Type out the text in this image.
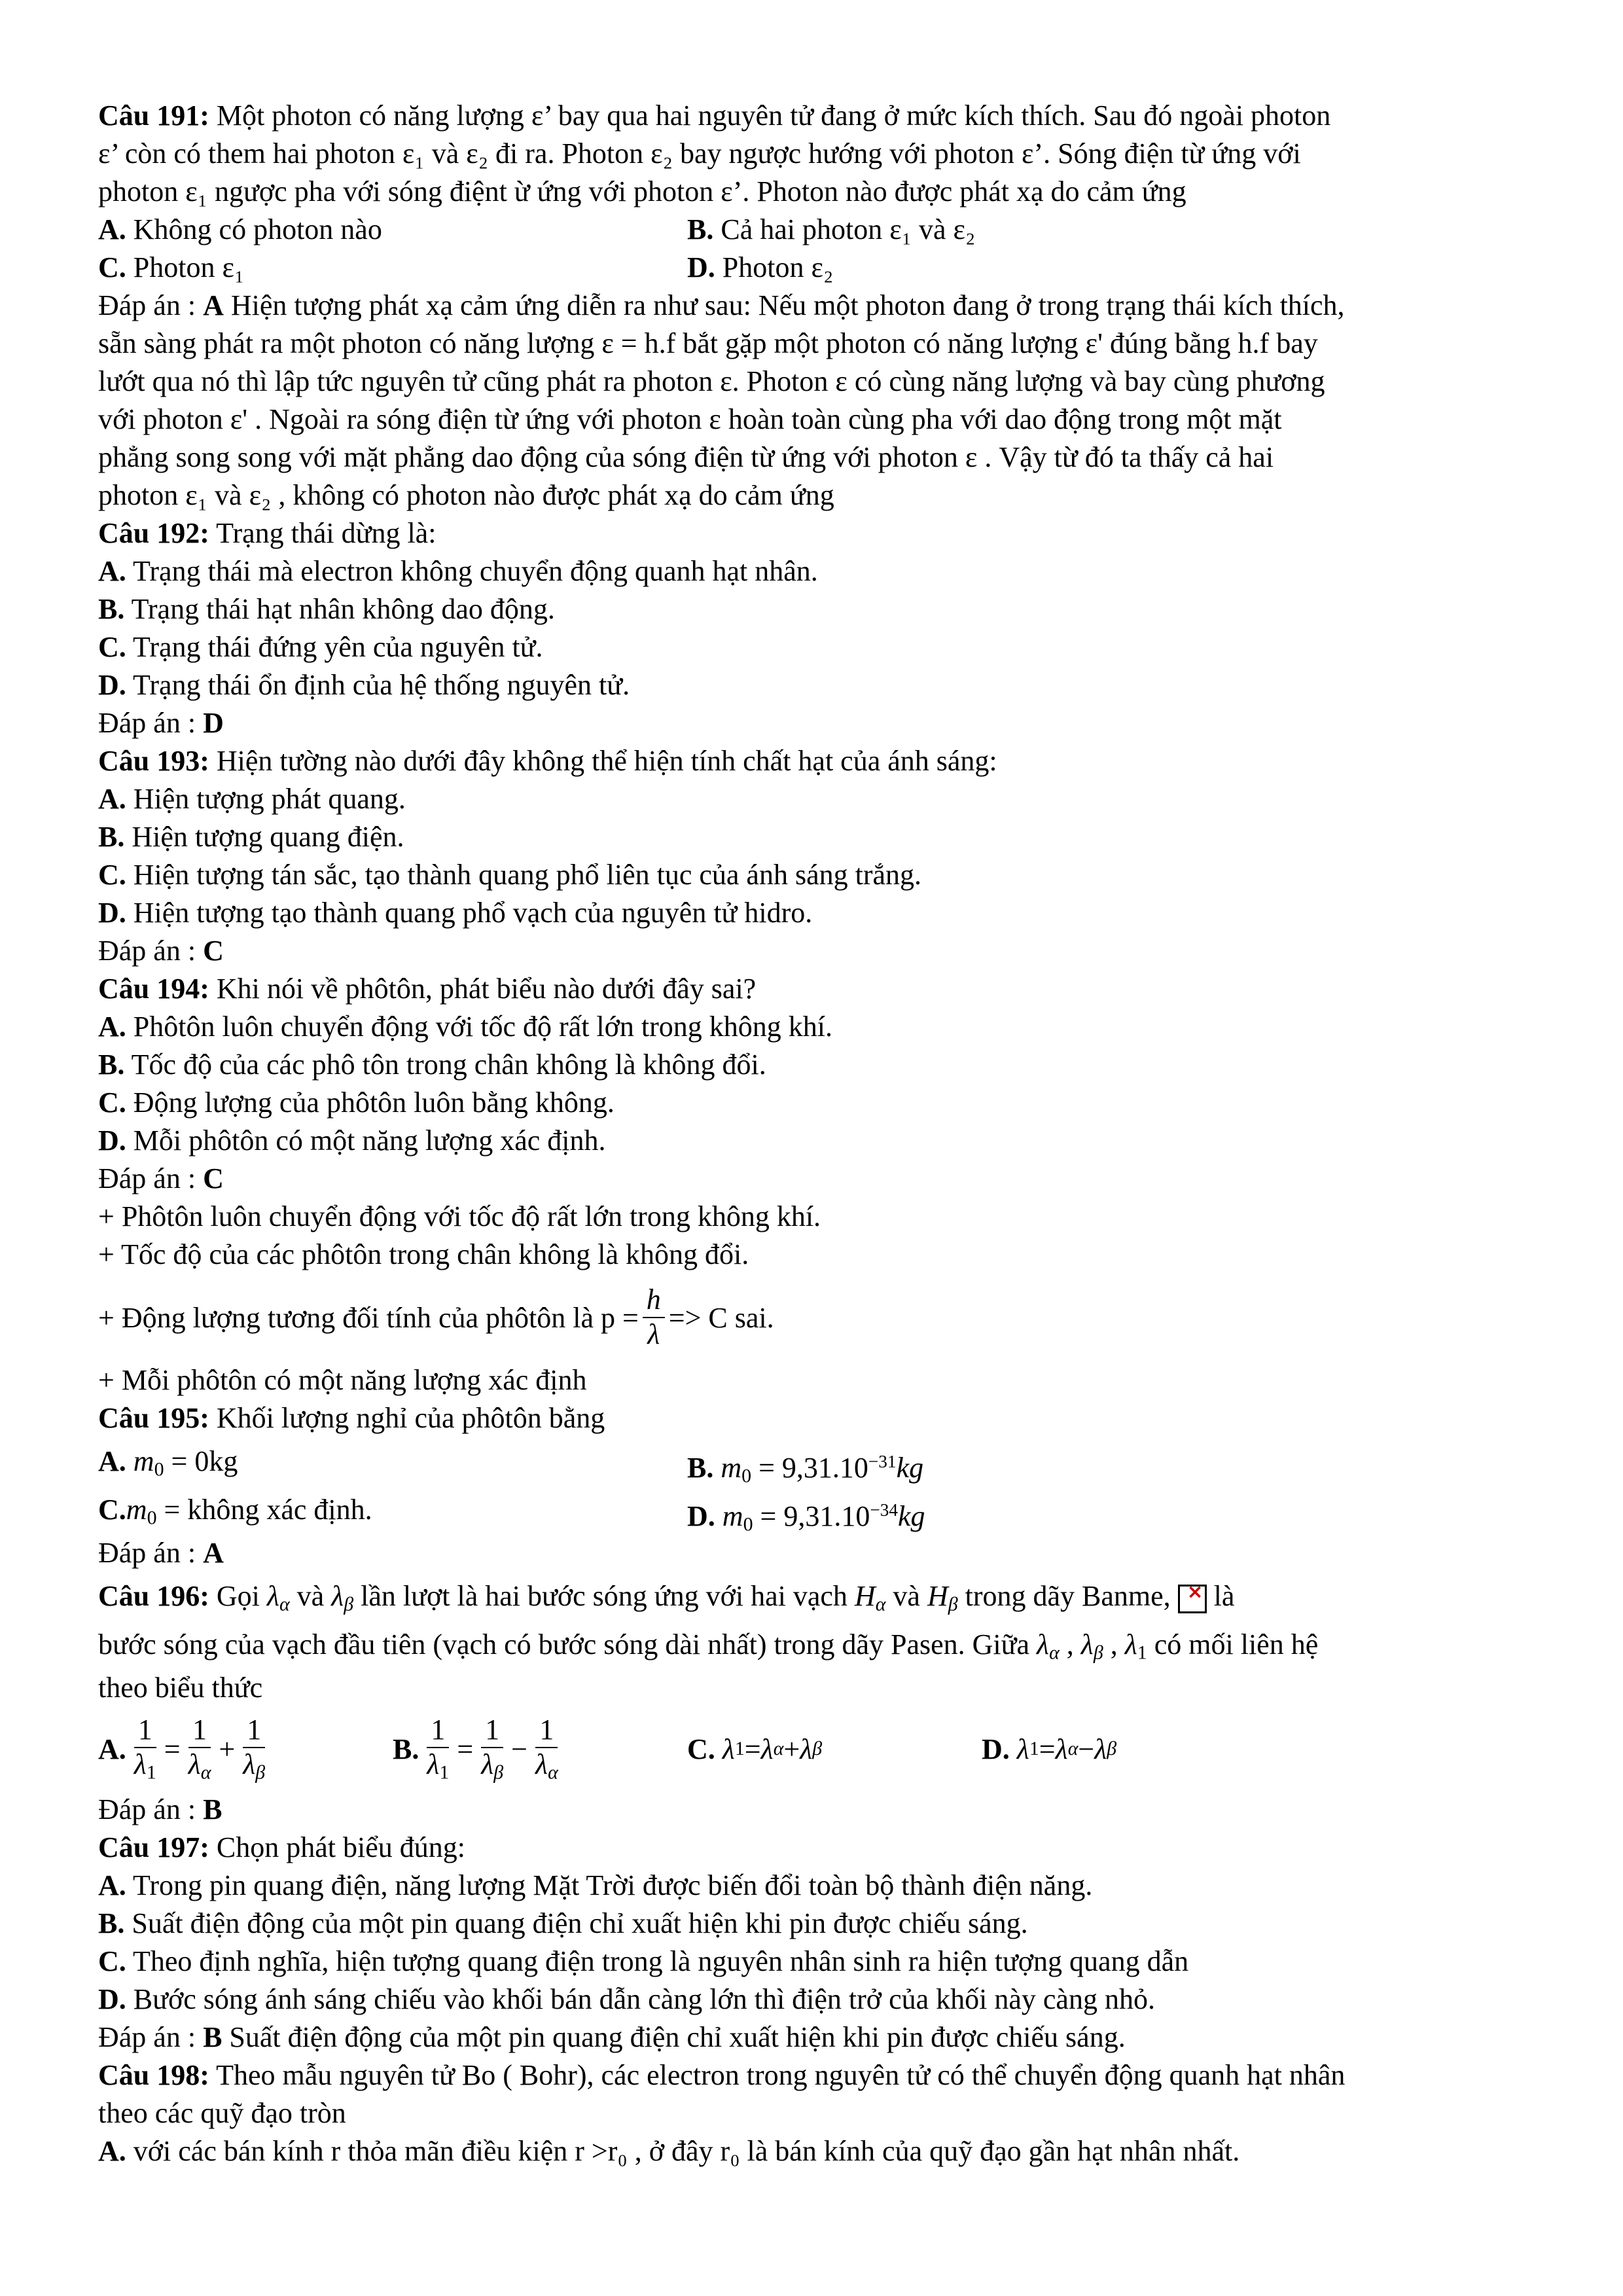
Câu 191: Một photon có năng lượng ε’ bay qua hai nguyên tử đang ở mức kích thích. Sau đó ngoài photon
ε’ còn có them hai photon ε₁ và ε₂ đi ra. Photon ε₂ bay ngược hướng với photon ε’. Sóng điện từ ứng với
photon ε₁ ngược pha với sóng điệnt ừ ứng với photon ε’. Photon nào được phát xạ do cảm ứng
A. Không có photon nào	B. Cả hai photon ε₁ và ε₂
C. Photon ε₁	D. Photon ε₂
Đáp án : A Hiện tượng phát xạ cảm ứng diễn ra như sau: Nếu một photon đang ở trong trạng thái kích thích,
sẵn sàng phát ra một photon có năng lượng ε = h.f bắt gặp một photon có năng lượng ε' đúng bằng h.f bay
lướt qua nó thì lập tức nguyên tử cũng phát ra photon ε. Photon ε có cùng năng lượng và bay cùng phương
với photon ε' . Ngoài ra sóng điện từ ứng với photon ε hoàn toàn cùng pha với dao động trong một mặt
phẳng song song với mặt phẳng dao động của sóng điện từ ứng với photon ε . Vậy từ đó ta thấy cả hai
photon ε₁ và ε₂ , không có photon nào được phát xạ do cảm ứng
Câu 192: Trạng thái dừng là:
A. Trạng thái mà electron không chuyển động quanh hạt nhân.
B. Trạng thái hạt nhân không dao động.
C. Trạng thái đứng yên của nguyên tử.
D. Trạng thái ổn định của hệ thống nguyên tử.
Đáp án : D
Câu 193: Hiện tường nào dưới đây không thể hiện tính chất hạt của ánh sáng:
A. Hiện tượng phát quang.
B. Hiện tượng quang điện.
C. Hiện tượng tán sắc, tạo thành quang phổ liên tục của ánh sáng trắng.
D. Hiện tượng tạo thành quang phổ vạch của nguyên tử hidro.
Đáp án : C
Câu 194: Khi nói về phôtôn, phát biểu nào dưới đây sai?
A. Phôtôn luôn chuyển động với tốc độ rất lớn trong không khí.
B. Tốc độ của các phô tôn trong chân không là không đổi.
C. Động lượng của phôtôn luôn bằng không.
D. Mỗi phôtôn có một năng lượng xác định.
Đáp án : C
+ Phôtôn luôn chuyển động với tốc độ rất lớn trong không khí.
+ Tốc độ của các phôtôn trong chân không là không đổi.
+ Động lượng tương đối tính của phôtôn là $p = \frac{h}{\lambda} => C$ sai.
+ Mỗi phôtôn có một năng lượng xác định
Câu 195: Khối lượng nghỉ của phôtôn bằng
A. $m_0 = 0kg$	B. $m_0 = 9,31.10^{-31}kg$
$C.m_0$ = không xác định.	D. $m_0 = 9,31.10^{-34}kg$
Đáp án : A
Câu 196: Gọi $\lambda_\alpha$ và $\lambda_\beta$ lần lượt là hai bước sóng ứng với hai vạch $H_\alpha$ và $H_\beta$ trong dãy Banme, × là
bước sóng của vạch đầu tiên (vạch có bước sóng dài nhất) trong dãy Pasen. Giữa $\lambda_\alpha$ , $\lambda_\beta$ , $\lambda_1$ có mối liên hệ
theo biểu thức
A. $\frac{1}{\lambda_1} = \frac{1}{\lambda_\alpha} + \frac{1}{\lambda_\beta}$	B. $\frac{1}{\lambda_1} = \frac{1}{\lambda_\beta} - \frac{1}{\lambda_\alpha}$	C.
λ 1 = λ α + λ β	D.
λ 1 = λ α − λ β
Đáp án : B
Câu 197: Chọn phát biểu đúng:
A. Trong pin quang điện, năng lượng Mặt Trời được biến đổi toàn bộ thành điện năng.
B. Suất điện động của một pin quang điện chỉ xuất hiện khi pin được chiếu sáng.
C. Theo định nghĩa, hiện tượng quang điện trong là nguyên nhân sinh ra hiện tượng quang dẫn
D. Bước sóng ánh sáng chiếu vào khối bán dẫn càng lớn thì điện trở của khối này càng nhỏ.
Đáp án : B Suất điện động của một pin quang điện chỉ xuất hiện khi pin được chiếu sáng.
Câu 198: Theo mẫu nguyên tử Bo ( Bohr), các electron trong nguyên tử có thể chuyển động quanh hạt nhân
theo các quỹ đạo tròn
A. với các bán kính r thỏa mãn điều kiện r >r₀ , ở đây r₀ là bán kính của quỹ đạo gần hạt nhân nhất.
